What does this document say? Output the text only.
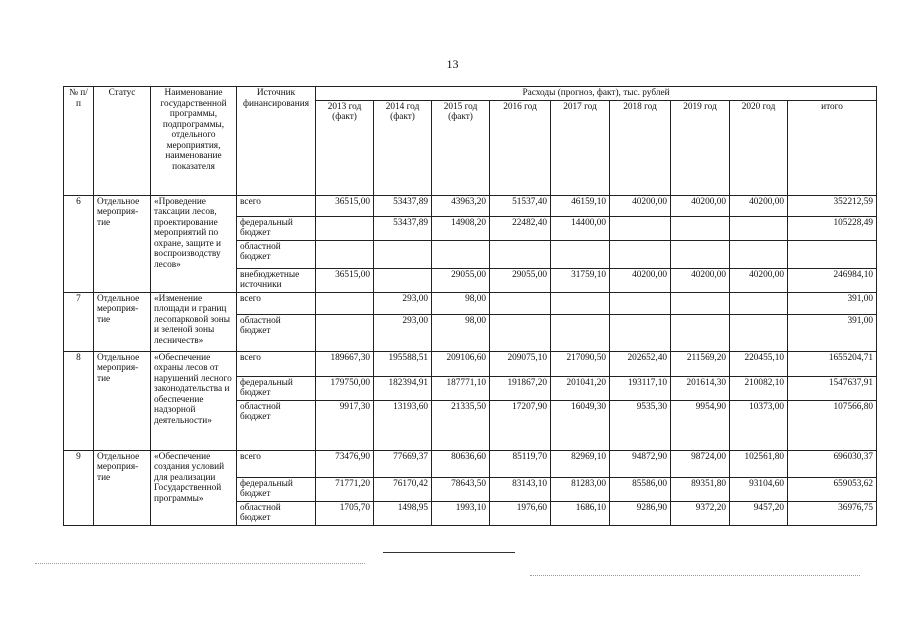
13
№ п/п	Статус	Наименование государственной программы, подпрограммы, отдельного мероприятия, наименование показателя	Источник финансирования	Расходы (прогноз, факт), тыс. рублей								
				2013 год (факт)	2014 год (факт)	2015 год (факт)	2016 год	2017 год	2018 год	2019 год	2020 год	итого
6	Отдельное мероприя-тие	«Проведение таксации лесов, проектирование мероприятий по охране, защите и воспроизводству лесов»	всего	36515,00	53437,89	43963,20	51537,40	46159,10	40200,00	40200,00	40200,00	352212,59
			федеральный бюджет		53437,89	14908,20	22482,40	14400,00				105228,49
			областной бюджет									
			внебюджетные источники	36515,00		29055,00	29055,00	31759,10	40200,00	40200,00	40200,00	246984,10
7	Отдельное мероприя-тие	«Изменение площади и границ лесопарковой зоны и зеленой зоны лесничеств»	всего		293,00	98,00						391,00
			областной бюджет		293,00	98,00						391,00
8	Отдельное мероприя-тие	«Обеспечение охраны лесов от нарушений лесного законодательства и обеспечение надзорной деятельности»	всего	189667,30	195588,51	209106,60	209075,10	217090,50	202652,40	211569,20	220455,10	1655204,71
			федеральный бюджет	179750,00	182394,91	187771,10	191867,20	201041,20	193117,10	201614,30	210082,10	1547637,91
			областной бюджет	9917,30	13193,60	21335,50	17207,90	16049,30	9535,30	9954,90	10373,00	107566,80
9	Отдельное мероприя-тие	«Обеспечение создания условий для реализации Государственной программы»	всего	73476,90	77669,37	80636,60	85119,70	82969,10	94872,90	98724,00	102561,80	696030,37
			федеральный бюджет	71771,20	76170,42	78643,50	83143,10	81283,00	85586,00	89351,80	93104,60	659053,62
			областной бюджет	1705,70	1498,95	1993,10	1976,60	1686,10	9286,90	9372,20	9457,20	36976,75
